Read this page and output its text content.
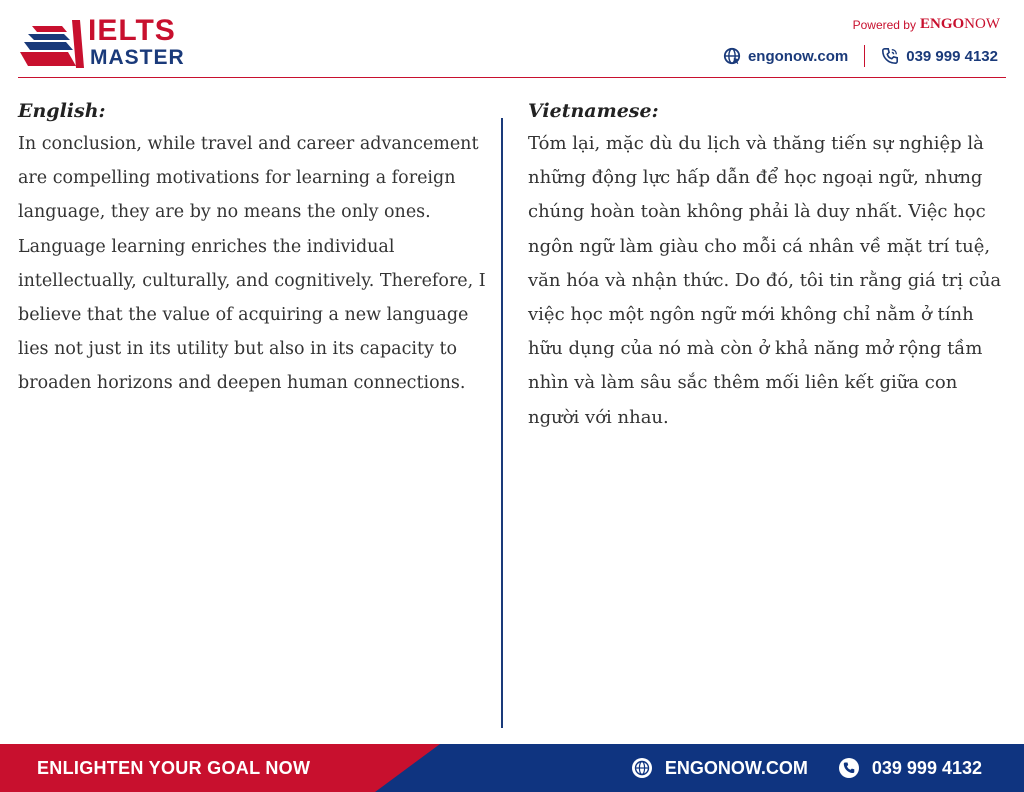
IELTS
MASTER
Powered by ENGONOW
engonow.com	039 999 4132
English:

In conclusion, while travel and career advancement are compelling motivations for learning a foreign language, they are by no means the only ones. Language learning enriches the individual intellectually, culturally, and cognitively. Therefore, I believe that the value of acquiring a new language lies not just in its utility but also in its capacity to broaden horizons and deepen human connections.

Vietnamese:

Tóm lại, mặc dù du lịch và thăng tiến sự nghiệp là những động lực hấp dẫn để học ngoại ngữ, nhưng chúng hoàn toàn không phải là duy nhất. Việc học ngôn ngữ làm giàu cho mỗi cá nhân về mặt trí tuệ, văn hóa và nhận thức. Do đó, tôi tin rằng giá trị của việc học một ngôn ngữ mới không chỉ nằm ở tính hữu dụng của nó mà còn ở khả năng mở rộng tầm nhìn và làm sâu sắc thêm mối liên kết giữa con người với nhau.

ENLIGHTEN YOUR GOAL NOW	ENGONOW.COM	039 999 4132
